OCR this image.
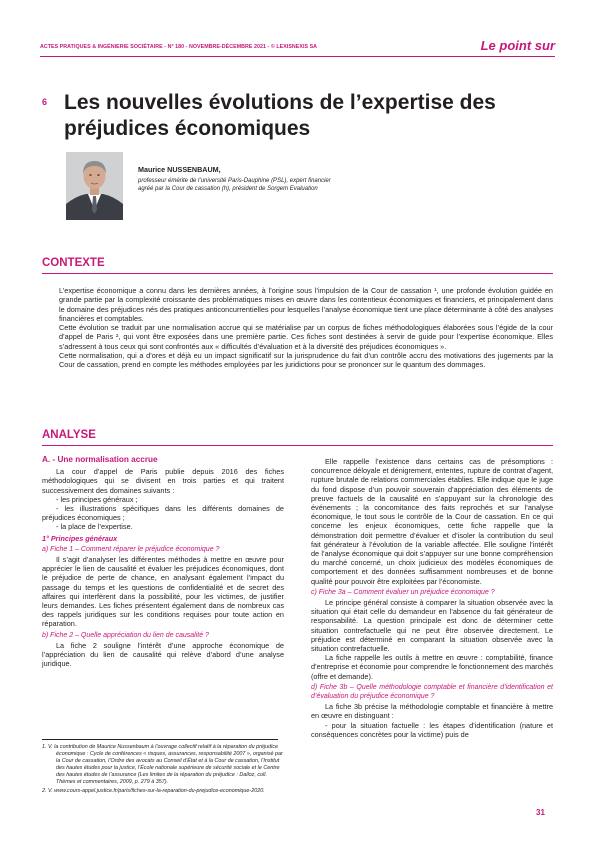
ACTES PRATIQUES & INGÉNIERIE SOCIÉTAIRE - N° 180 - NOVEMBRE-DÉCEMBRE 2021 - © LEXISNEXIS SA	Le point sur
6 Les nouvelles évolutions de l’expertise des préjudices économiques
Maurice NUSSENBAUM,
professeur émérite de l’université Paris-Dauphine (PSL), expert financier agréé par la Cour de cassation (h), président de Sorgem Evaluation
CONTEXTE

L’expertise économique a connu dans les dernières années, à l’origine sous l’impulsion de la Cour de cassation ¹, une profonde évolution guidée en grande partie par la complexité croissante des problématiques mises en œuvre dans les contentieux économiques et financiers, et principalement dans le domaine des préjudices nés des pratiques anticoncurrentielles pour lesquelles l’analyse économique tient une place déterminante à côté des analyses financières et comptables.

Cette évolution se traduit par une normalisation accrue qui se matérialise par un corpus de fiches méthodologiques élaborées sous l’égide de la cour d’appel de Paris ², qui vont être exposées dans une première partie. Ces fiches sont destinées à servir de guide pour l’expertise économique. Elles s’adressent à tous ceux qui sont confrontés aux « difficultés d’évaluation et à la diversité des préjudices économiques ».

Cette normalisation, qui a d’ores et déjà eu un impact significatif sur la jurisprudence du fait d’un contrôle accru des motivations des jugements par la Cour de cassation, prend en compte les méthodes employées par les juridictions pour se prononcer sur le quantum des dommages.

ANALYSE

A. - Une normalisation accrue

La cour d’appel de Paris publie depuis 2016 des fiches méthodologiques qui se divisent en trois parties et qui traitent successivement des domaines suivants :

- les principes généraux ;

- les illustrations spécifiques dans les différents domaines de préjudices économiques ;

- la place de l’expertise.

1° Principes généraux

a) Fiche 1 – Comment réparer le préjudice économique ?

Il s’agit d’analyser les différentes méthodes à mettre en œuvre pour apprécier le lien de causalité et évaluer les préjudices économiques, dont le préjudice de perte de chance, en analysant également l’impact du passage du temps et les questions de confidentialité et de secret des affaires qui interfèrent dans la possibilité, pour les victimes, de justifier leurs demandes. Les fiches présentent également dans de nombreux cas des rappels juridiques sur les conditions requises pour toute action en réparation.

b) Fiche 2 – Quelle appréciation du lien de causalité ?

La fiche 2 souligne l’intérêt d’une approche économique de l’appréciation du lien de causalité qui relève d’abord d’une analyse juridique.

Elle rappelle l’existence dans certains cas de présomptions : concurrence déloyale et dénigrement, ententes, rupture de contrat d’agent, rupture brutale de relations commerciales établies. Elle indique que le juge du fond dispose d’un pouvoir souverain d’appréciation des éléments de preuve factuels de la causalité en s’appuyant sur la chronologie des événements ; la concomitance des faits reprochés et sur l’analyse économique, le tout sous le contrôle de la Cour de cassation. En ce qui concerne les enjeux économiques, cette fiche rappelle que la démonstration doit permettre d’évaluer et d’isoler la contribution du seul fait générateur à l’évolution de la variable affectée. Elle souligne l’intérêt de l’analyse économique qui doit s’appuyer sur une bonne compréhension du marché concerné, un choix judicieux des modèles économiques de comportement et des données suffisamment nombreuses et de bonne qualité pour pouvoir être exploitées par l’économiste.

c) Fiche 3a – Comment évaluer un préjudice économique ?

Le principe général consiste à comparer la situation observée avec la situation qui était celle du demandeur en l’absence du fait générateur de responsabilité. La question principale est donc de déterminer cette situation contrefactuelle qui ne peut être observée directement. Le préjudice est déterminé en comparant la situation observée avec la situation contrefactuelle.

La fiche rappelle les outils à mettre en œuvre : comptabilité, finance d’entreprise et économie pour comprendre le fonctionnement des marchés (offre et demande).

d) Fiche 3b – Quelle méthodologie comptable et financière d’identification et d’évaluation du préjudice économique ?

La fiche 3b précise la méthodologie comptable et financière à mettre en œuvre en distinguant :

- pour la situation factuelle : les étapes d’identification (nature et conséquences concrètes pour la victime) puis de

1. V. la contribution de Maurice Nussenbaum à l’ouvrage collectif relatif à la réparation du préjudice économique : Cycle de conférences « risques, assurances, responsabilité 2007 », organisé par la Cour de cassation, l’Ordre des avocats au Conseil d’État et à la Cour de cassation, l’Institut des hautes études pour la justice, l’École nationale supérieure de sécurité sociale et le Centre des hautes études de l’assurance (Les limites de la réparation du préjudice : Dalloz, coll. Thèmes et commentaires, 2009, p. 279 à 357).

2. V. www.cours-appel.justice.fr/paris/fiches-sur-la-reparation-du-prejudice-economique-2020.

31
